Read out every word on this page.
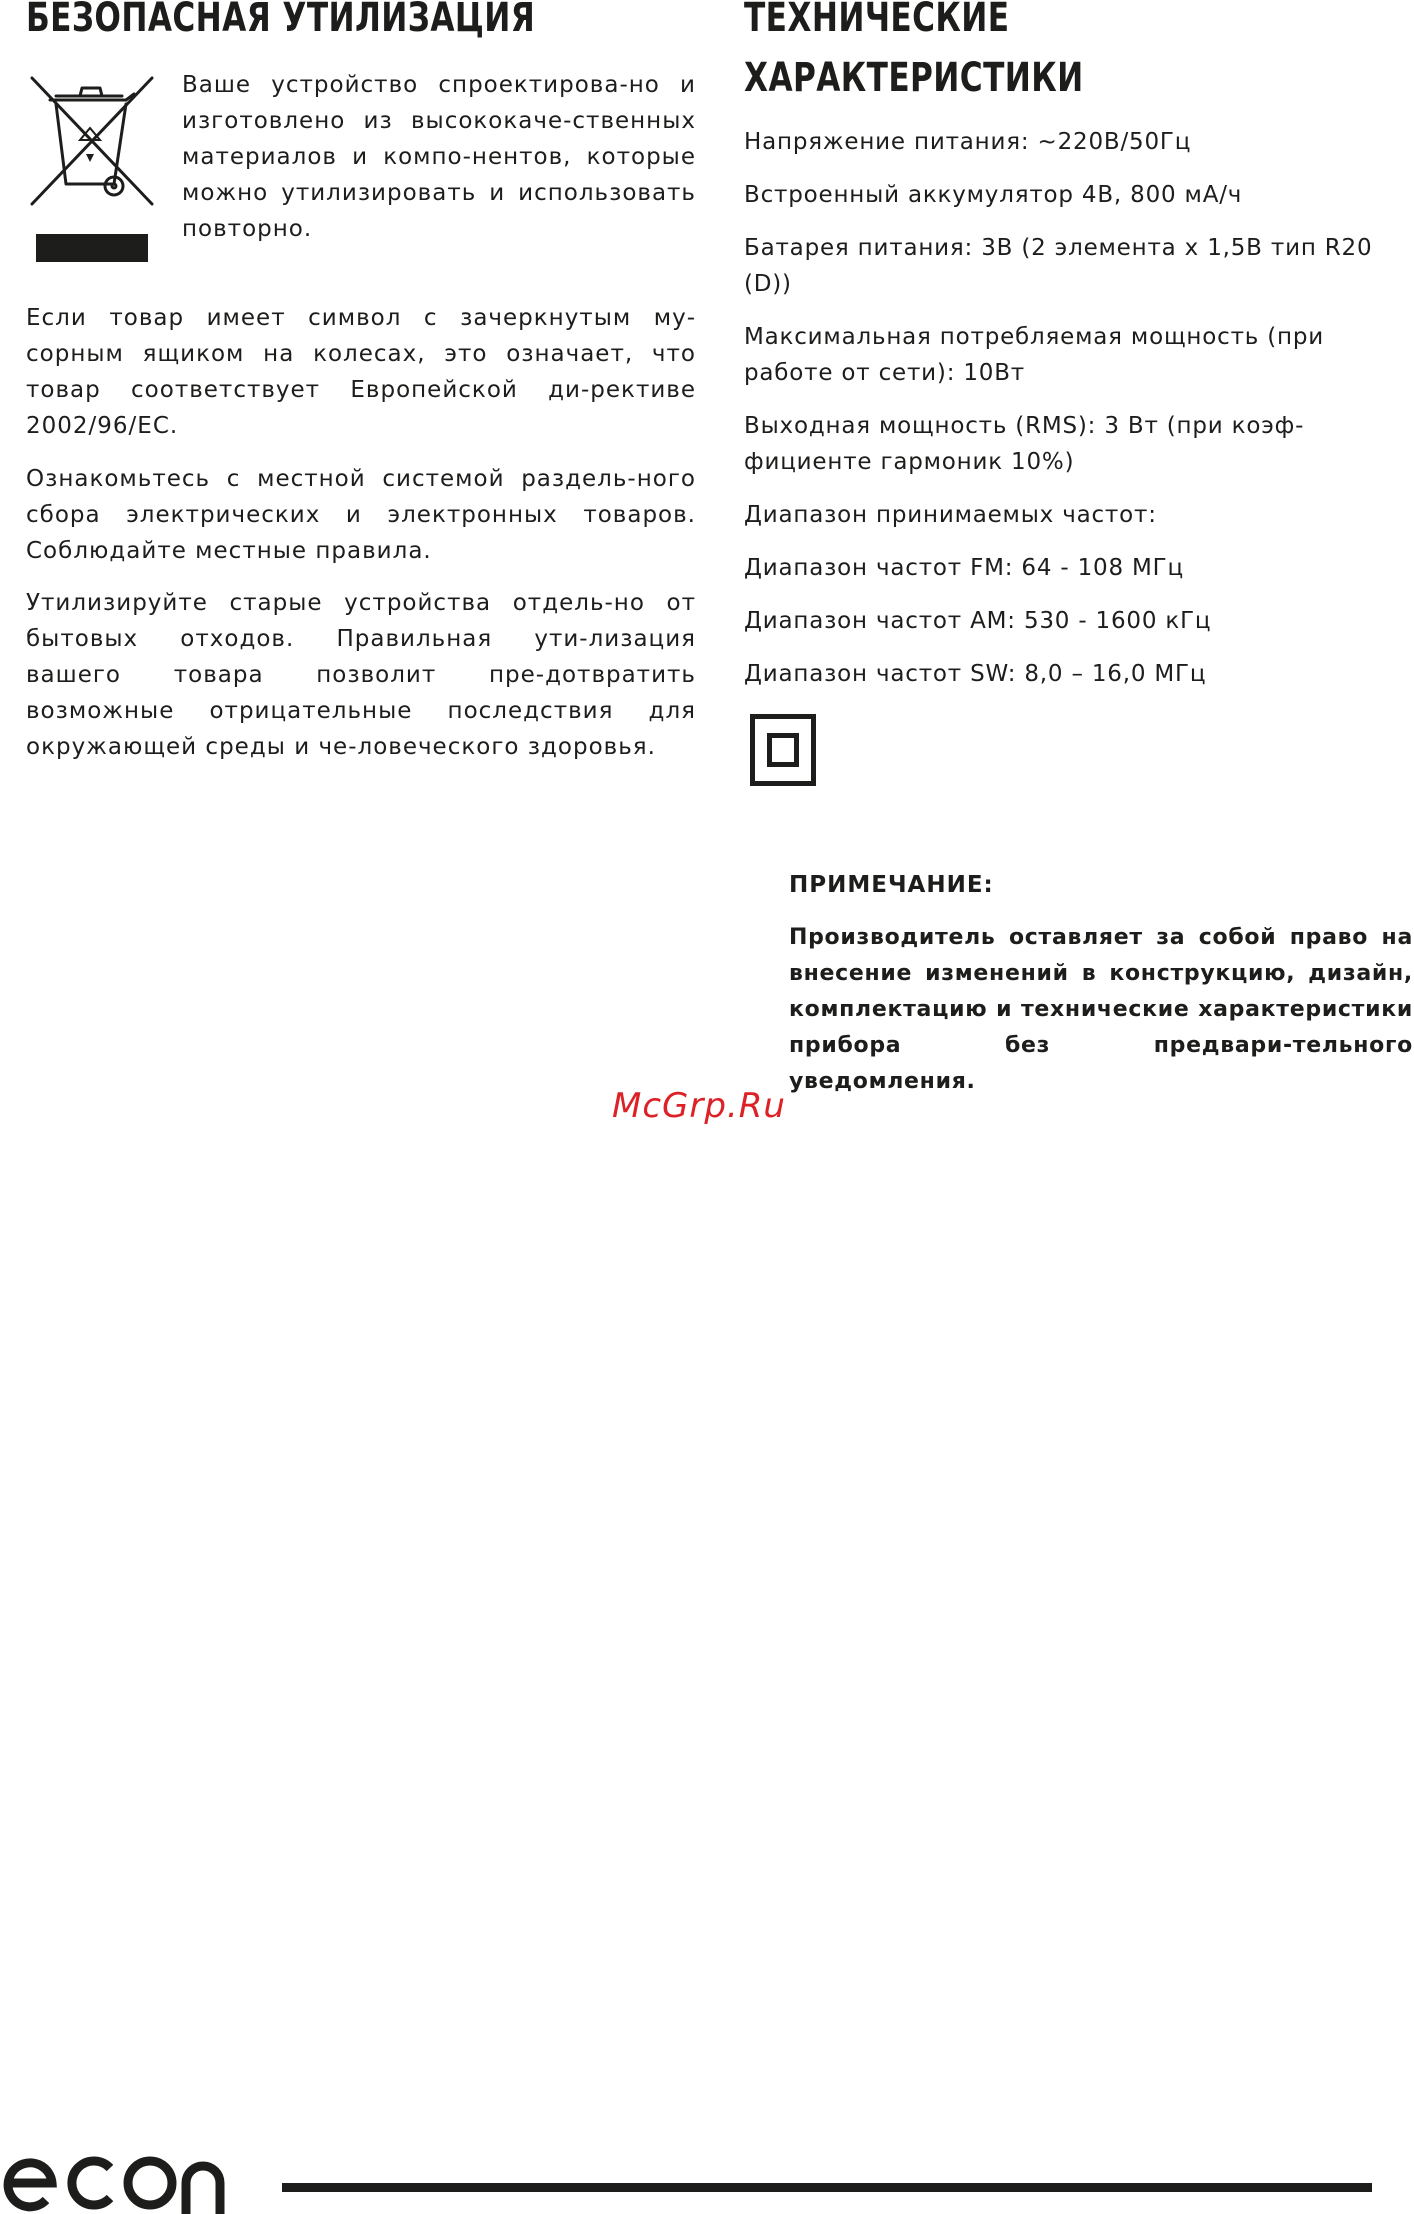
БЕЗОПАСНАЯ УТИЛИЗАЦИЯ

Ваше устройство спроектирова-но и изготовлено из высококаче-ственных материалов и компо-нентов, которые можно утилизировать и использовать повторно.

Если товар имеет символ с зачеркнутым му-сорным ящиком на колесах, это означает, что товар соответствует Европейской ди-рективе 2002/96/EC.

Ознакомьтесь с местной системой раздель-ного сбора электрических и электронных товаров. Соблюдайте местные правила.

Утилизируйте старые устройства отдель-но от бытовых отходов. Правильная ути-лизация вашего товара позволит пре-дотвратить возможные отрицательные последствия для окружающей среды и че-ловеческого здоровья.

ТЕХНИЧЕСКИЕ
ХАРАКТЕРИСТИКИ
Напряжение питания: ~220В/50Гц
Встроенный аккумулятор 4В, 800 мА/ч
Батарея питания: 3В (2 элемента x 1,5В тип R20 (D))
Максимальная потребляемая мощность (при работе от сети): 10Вт
Выходная мощность (RMS): 3 Вт (при коэф-фициенте гармоник 10%)
Диапазон принимаемых частот:
Диапазон частот FM: 64 - 108 МГц
Диапазон частот AM: 530 - 1600 кГц
Диапазон частот SW: 8,0 – 16,0 МГц

ПРИМЕЧАНИЕ:

Производитель оставляет за собой право на внесение изменений в конструкцию, дизайн, комплектацию и технические характеристики прибора без предвари-тельного уведомления.

McGrp.Ru
